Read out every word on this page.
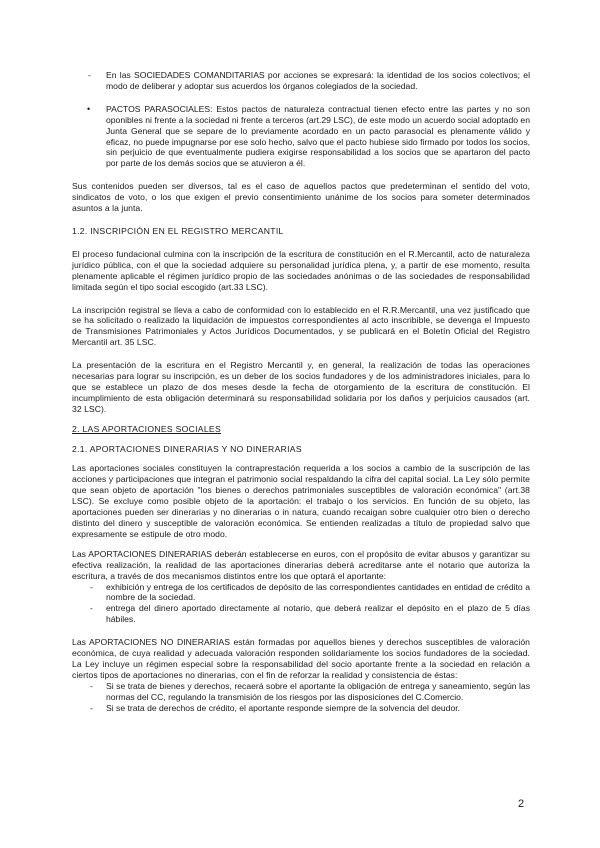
- En las SOCIEDADES COMANDITARIAS por acciones se expresará: la identidad de los socios colectivos; el modo de deliberar y adoptar sus acuerdos los órganos colegiados de la sociedad.
• PACTOS PARASOCIALES: Estos pactos de naturaleza contractual tienen efecto entre las partes y no son oponibles ni frente a la sociedad ni frente a terceros (art.29 LSC), de este modo un acuerdo social adoptado en Junta General que se separe de lo previamente acordado en un pacto parasocial es plenamente válido y eficaz, no puede impugnarse por ese solo hecho, salvo que el pacto hubiese sido firmado por todos los socios, sin perjuicio de que eventualmente pudiera exigirse responsabilidad a los socios que se apartaron del pacto por parte de los demás socios que se atuvieron a él.

Sus contenidos pueden ser diversos, tal es el caso de aquellos pactos que predeterminan el sentido del voto, sindicatos de voto, o los que exigen el previo consentimiento unánime de los socios para someter determinados asuntos a la junta.

1.2. INSCRIPCIÓN EN EL REGISTRO MERCANTIL

El proceso fundacional culmina con la inscripción de la escritura de constitución en el R.Mercantil, acto de naturaleza jurídico pública, con el que la sociedad adquiere su personalidad jurídica plena, y, a partir de ese momento, resulta plenamente aplicable el régimen jurídico propio de las sociedades anónimas o de las sociedades de responsabilidad limitada según el tipo social escogido (art.33 LSC).

La inscripción registral se lleva a cabo de conformidad con lo establecido en el R.R.Mercantil, una vez justificado que se ha solicitado o realizado la liquidación de impuestos correspondientes al acto inscribible, se devenga el Impuesto de Transmisiones Patrimoniales y Actos Jurídicos Documentados, y se publicará en el Boletín Oficial del Registro Mercantil art. 35 LSC.

La presentación de la escritura en el Registro Mercantil y, en general, la realización de todas las operaciones necesarias para lograr su inscripción, es un deber de los socios fundadores y de los administradores iniciales, para lo que se establece un plazo de dos meses desde la fecha de otorgamiento de la escritura de constitución. El incumplimiento de esta obligación determinará su responsabilidad solidaria por los daños y perjuicios causados (art. 32 LSC).

2. LAS APORTACIONES SOCIALES
2.1. APORTACIONES DINERARIAS Y NO DINERARIAS

Las aportaciones sociales constituyen la contraprestación requerida a los socios a cambio de la suscripción de las acciones y participaciones que integran el patrimonio social respaldando la cifra del capital social. La Ley sólo permite que sean objeto de aportación "los bienes o derechos patrimoniales susceptibles de valoración económica" (art.38 LSC). Se excluye como posible objeto de la aportación: el trabajo o los servicios. En función de su objeto, las aportaciones pueden ser dinerarias y no dinerarias o in natura, cuando recaigan sobre cualquier otro bien o derecho distinto del dinero y susceptible de valoración económica. Se entienden realizadas a título de propiedad salvo que expresamente se estipule de otro modo.

Las APORTACIONES DINERARIAS deberán establecerse en euros, con el propósito de evitar abusos y garantizar su efectiva realización, la realidad de las aportaciones dinerarias deberá acreditarse ante el notario que autoriza la escritura, a través de dos mecanismos distintos entre los que optará el aportante:

- exhibición y entrega de los certificados de depósito de las correspondientes cantidades en entidad de crédito a nombre de la sociedad.
- entrega del dinero aportado directamente al notario, que deberá realizar el depósito en el plazo de 5 días hábiles.

Las APORTACIONES NO DINERARIAS están formadas por aquellos bienes y derechos susceptibles de valoración económica, de cuya realidad y adecuada valoración responden solidariamente los socios fundadores de la sociedad. La Ley incluye un régimen especial sobre la responsabilidad del socio aportante frente a la sociedad en relación a ciertos tipos de aportaciones no dinerarias, con el fin de reforzar la realidad y consistencia de éstas:

- Si se trata de bienes y derechos, recaerá sobre el aportante la obligación de entrega y saneamiento, según las normas del CC, regulando la transmisión de los riesgos por las disposiciones del C.Comercio.
- Si se trata de derechos de crédito, el aportante responde siempre de la solvencia del deudor.
2
